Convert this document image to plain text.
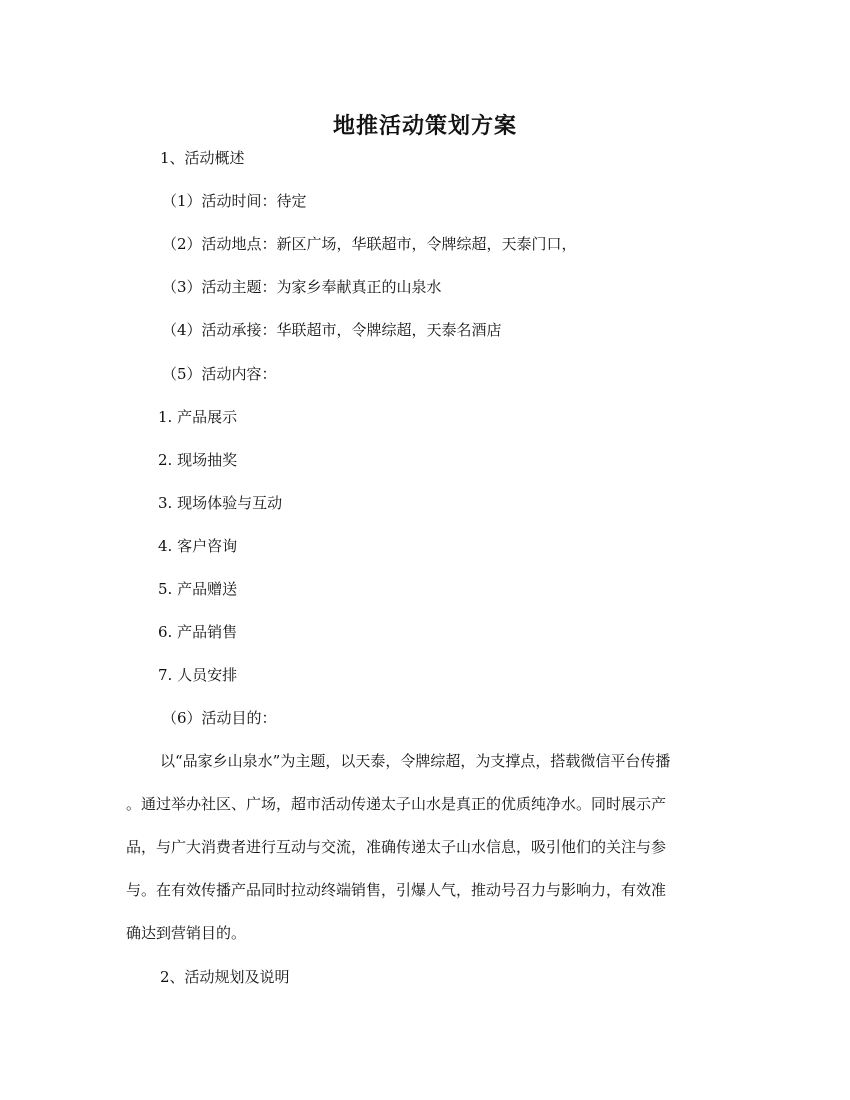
地推活动策划方案
1、活动概述
（1）活动时间：待定
（2）活动地点：新区广场，华联超市，令牌综超，天泰门口，
（3）活动主题：为家乡奉献真正的山泉水
（4）活动承接：华联超市，令牌综超，天泰名酒店
（5）活动内容：
1. 产品展示
2. 现场抽奖
3. 现场体验与互动
4. 客户咨询
5. 产品赠送
6. 产品销售
7. 人员安排
（6）活动目的：
以“品家乡山泉水”为主题，以天泰，令牌综超，为支撑点，搭载微信平台传播
。通过举办社区、广场，超市活动传递太子山水是真正的优质纯净水。同时展示产
品，与广大消费者进行互动与交流，准确传递太子山水信息，吸引他们的关注与参
与。在有效传播产品同时拉动终端销售，引爆人气，推动号召力与影响力，有效准
确达到营销目的。
2、活动规划及说明
